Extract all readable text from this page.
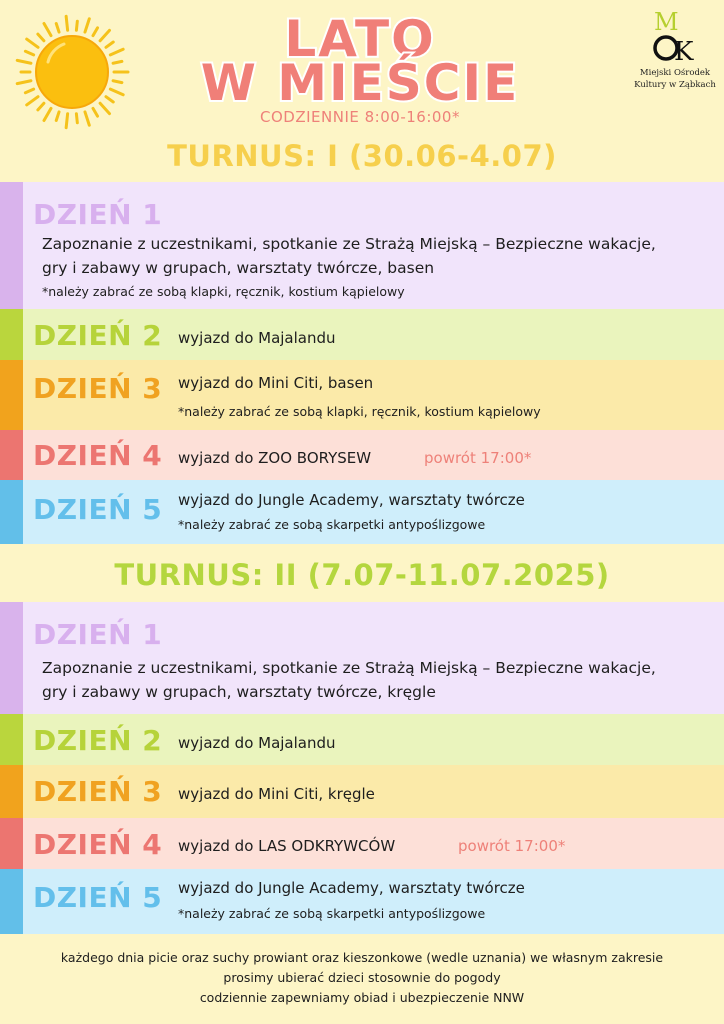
LATO
W MIEŚCIE
CODZIENNIE 8:00-16:00*
M
K
Miejski Ośrodek
Kultury w Ząbkach
TURNUS: I (30.06-4.07)
DZIEŃ 1
Zapoznanie z uczestnikami, spotkanie ze Strażą Miejską – Bezpieczne wakacje, gry i zabawy w grupach, warsztaty twórcze, basen
*należy zabrać ze sobą klapki, ręcznik, kostium kąpielowy
DZIEŃ 2 wyjazd do Majalandu
DZIEŃ 3 wyjazd do Mini Citi, basen
*należy zabrać ze sobą klapki, ręcznik, kostium kąpielowy
DZIEŃ 4 wyjazd do ZOO BORYSEW	powrót 17:00*
DZIEŃ 5 wyjazd do Jungle Academy, warsztaty twórcze
*należy zabrać ze sobą skarpetki antypoślizgowe
TURNUS: II (7.07-11.07.2025)
DZIEŃ 1
Zapoznanie z uczestnikami, spotkanie ze Strażą Miejską – Bezpieczne wakacje, gry i zabawy w grupach, warsztaty twórcze, kręgle
DZIEŃ 2 wyjazd do Majalandu
DZIEŃ 3 wyjazd do Mini Citi, kręgle
DZIEŃ 4 wyjazd do LAS ODKRYWCÓW	powrót 17:00*
DZIEŃ 5 wyjazd do Jungle Academy, warsztaty twórcze
*należy zabrać ze sobą skarpetki antypoślizgowe
każdego dnia picie oraz suchy prowiant oraz kieszonkowe (wedle uznania) we własnym zakresie
prosimy ubierać dzieci stosownie do pogody
codziennie zapewniamy obiad i ubezpieczenie NNW
